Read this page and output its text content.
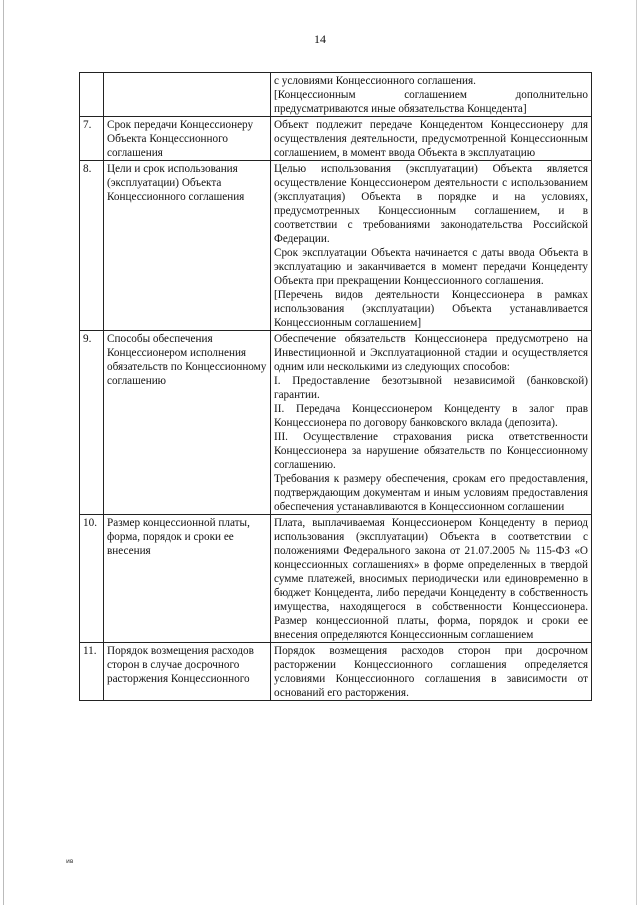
14

		с условиями Концессионного соглашения.
[Концессионным соглашением дополнительно предусматриваются иные обязательства Концедента]

7.	Срок передачи Концессионеру Объекта Концессионного соглашения	Объект подлежит передаче Концедентом Концессионеру для осуществления деятельности, предусмотренной Концессионным соглашением, в момент ввода Объекта в эксплуатацию

8.	Цели и срок использования (эксплуатации) Объекта Концессионного соглашения	Целью использования (эксплуатации) Объекта является осуществление Концессионером деятельности с использованием (эксплуатация) Объекта в порядке и на условиях, предусмотренных Концессионным соглашением, и в соответствии с требованиями законодательства Российской Федерации.
Срок эксплуатации Объекта начинается с даты ввода Объекта в эксплуатацию и заканчивается в момент передачи Концеденту Объекта при прекращении Концессионного соглашения.
[Перечень видов деятельности Концессионера в рамках использования (эксплуатации) Объекта устанавливается Концессионным соглашением]

9.	Способы обеспечения Концессионером исполнения обязательств по Концессионному соглашению	Обеспечение обязательств Концессионера предусмотрено на Инвестиционной и Эксплуатационной стадии и осуществляется одним или несколькими из следующих способов:
I. Предоставление безотзывной независимой (банковской) гарантии.
II. Передача Концессионером Концеденту в залог прав Концессионера по договору банковского вклада (депозита).
III. Осуществление страхования риска ответственности Концессионера за нарушение обязательств по Концессионному соглашению.
Требования к размеру обеспечения, срокам его предоставления, подтверждающим документам и иным условиям предоставления обеспечения устанавливаются в Концессионном соглашении

10.	Размер концессионной платы, форма, порядок и сроки ее внесения	Плата, выплачиваемая Концессионером Концеденту в период использования (эксплуатации) Объекта в соответствии с положениями Федерального закона от 21.07.2005 № 115-ФЗ «О концессионных соглашениях» в форме определенных в твердой сумме платежей, вносимых периодически или единовременно в бюджет Концедента, либо передачи Концеденту в собственность имущества, находящегося в собственности Концессионера. Размер концессионной платы, форма, порядок и сроки ее внесения определяются Концессионным соглашением

11.	Порядок возмещения расходов сторон в случае досрочного расторжения Концессионного	Порядок возмещения расходов сторон при досрочном расторжении Концессионного соглашения определяется условиями Концессионного соглашения в зависимости от оснований его расторжения.
ив
